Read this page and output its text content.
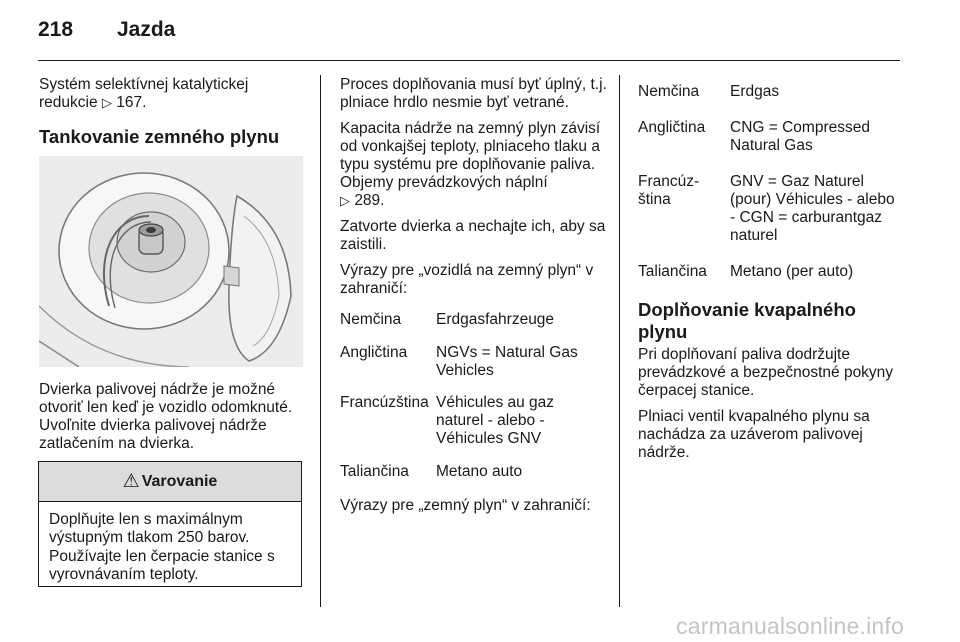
218 Jazda

Systém selektívnej katalytickej redukcie ▷ 167.

Tankovanie zemného plynu

Dvierka palivovej nádrže je možné otvoriť len keď je vozidlo odomknuté. Uvoľnite dvierka palivovej nádrže zatlačením na dvierka.

⚠ Varovanie
Doplňujte len s maximálnym výstupným tlakom 250 barov. Používajte len čerpacie stanice s vyrovnávaním teploty.

Proces doplňovania musí byť úplný, t.j. plniace hrdlo nesmie byť vetrané.

Kapacita nádrže na zemný plyn závisí od vonkajšej teploty, plniaceho tlaku a typu systému pre doplňovanie paliva. Objemy prevádzkových náplní
▷ 289.

Zatvorte dvierka a nechajte ich, aby sa zaistili.

Výrazy pre „vozidlá na zemný plyn“ v zahraničí:

Nemčina	Erdgasfahrzeuge
Angličtina	NGVs = Natural Gas Vehicles
Francúzština	Véhicules au gaz naturel - alebo - Véhicules GNV
Taliančina	Metano auto

Výrazy pre „zemný plyn“ v zahraničí:

Nemčina	Erdgas
Angličtina	CNG = Compressed Natural Gas
Francúz- ština	GNV = Gaz Naturel (pour) Véhicules - alebo - CGN = carburantgaz naturel
Taliančina	Metano (per auto)
Doplňovanie kvapalného plynu

Pri doplňovaní paliva dodržujte prevádzkové a bezpečnostné pokyny čerpacej stanice.

Plniaci ventil kvapalného plynu sa nachádza za uzáverom palivovej nádrže.

carmanualsonline.info
